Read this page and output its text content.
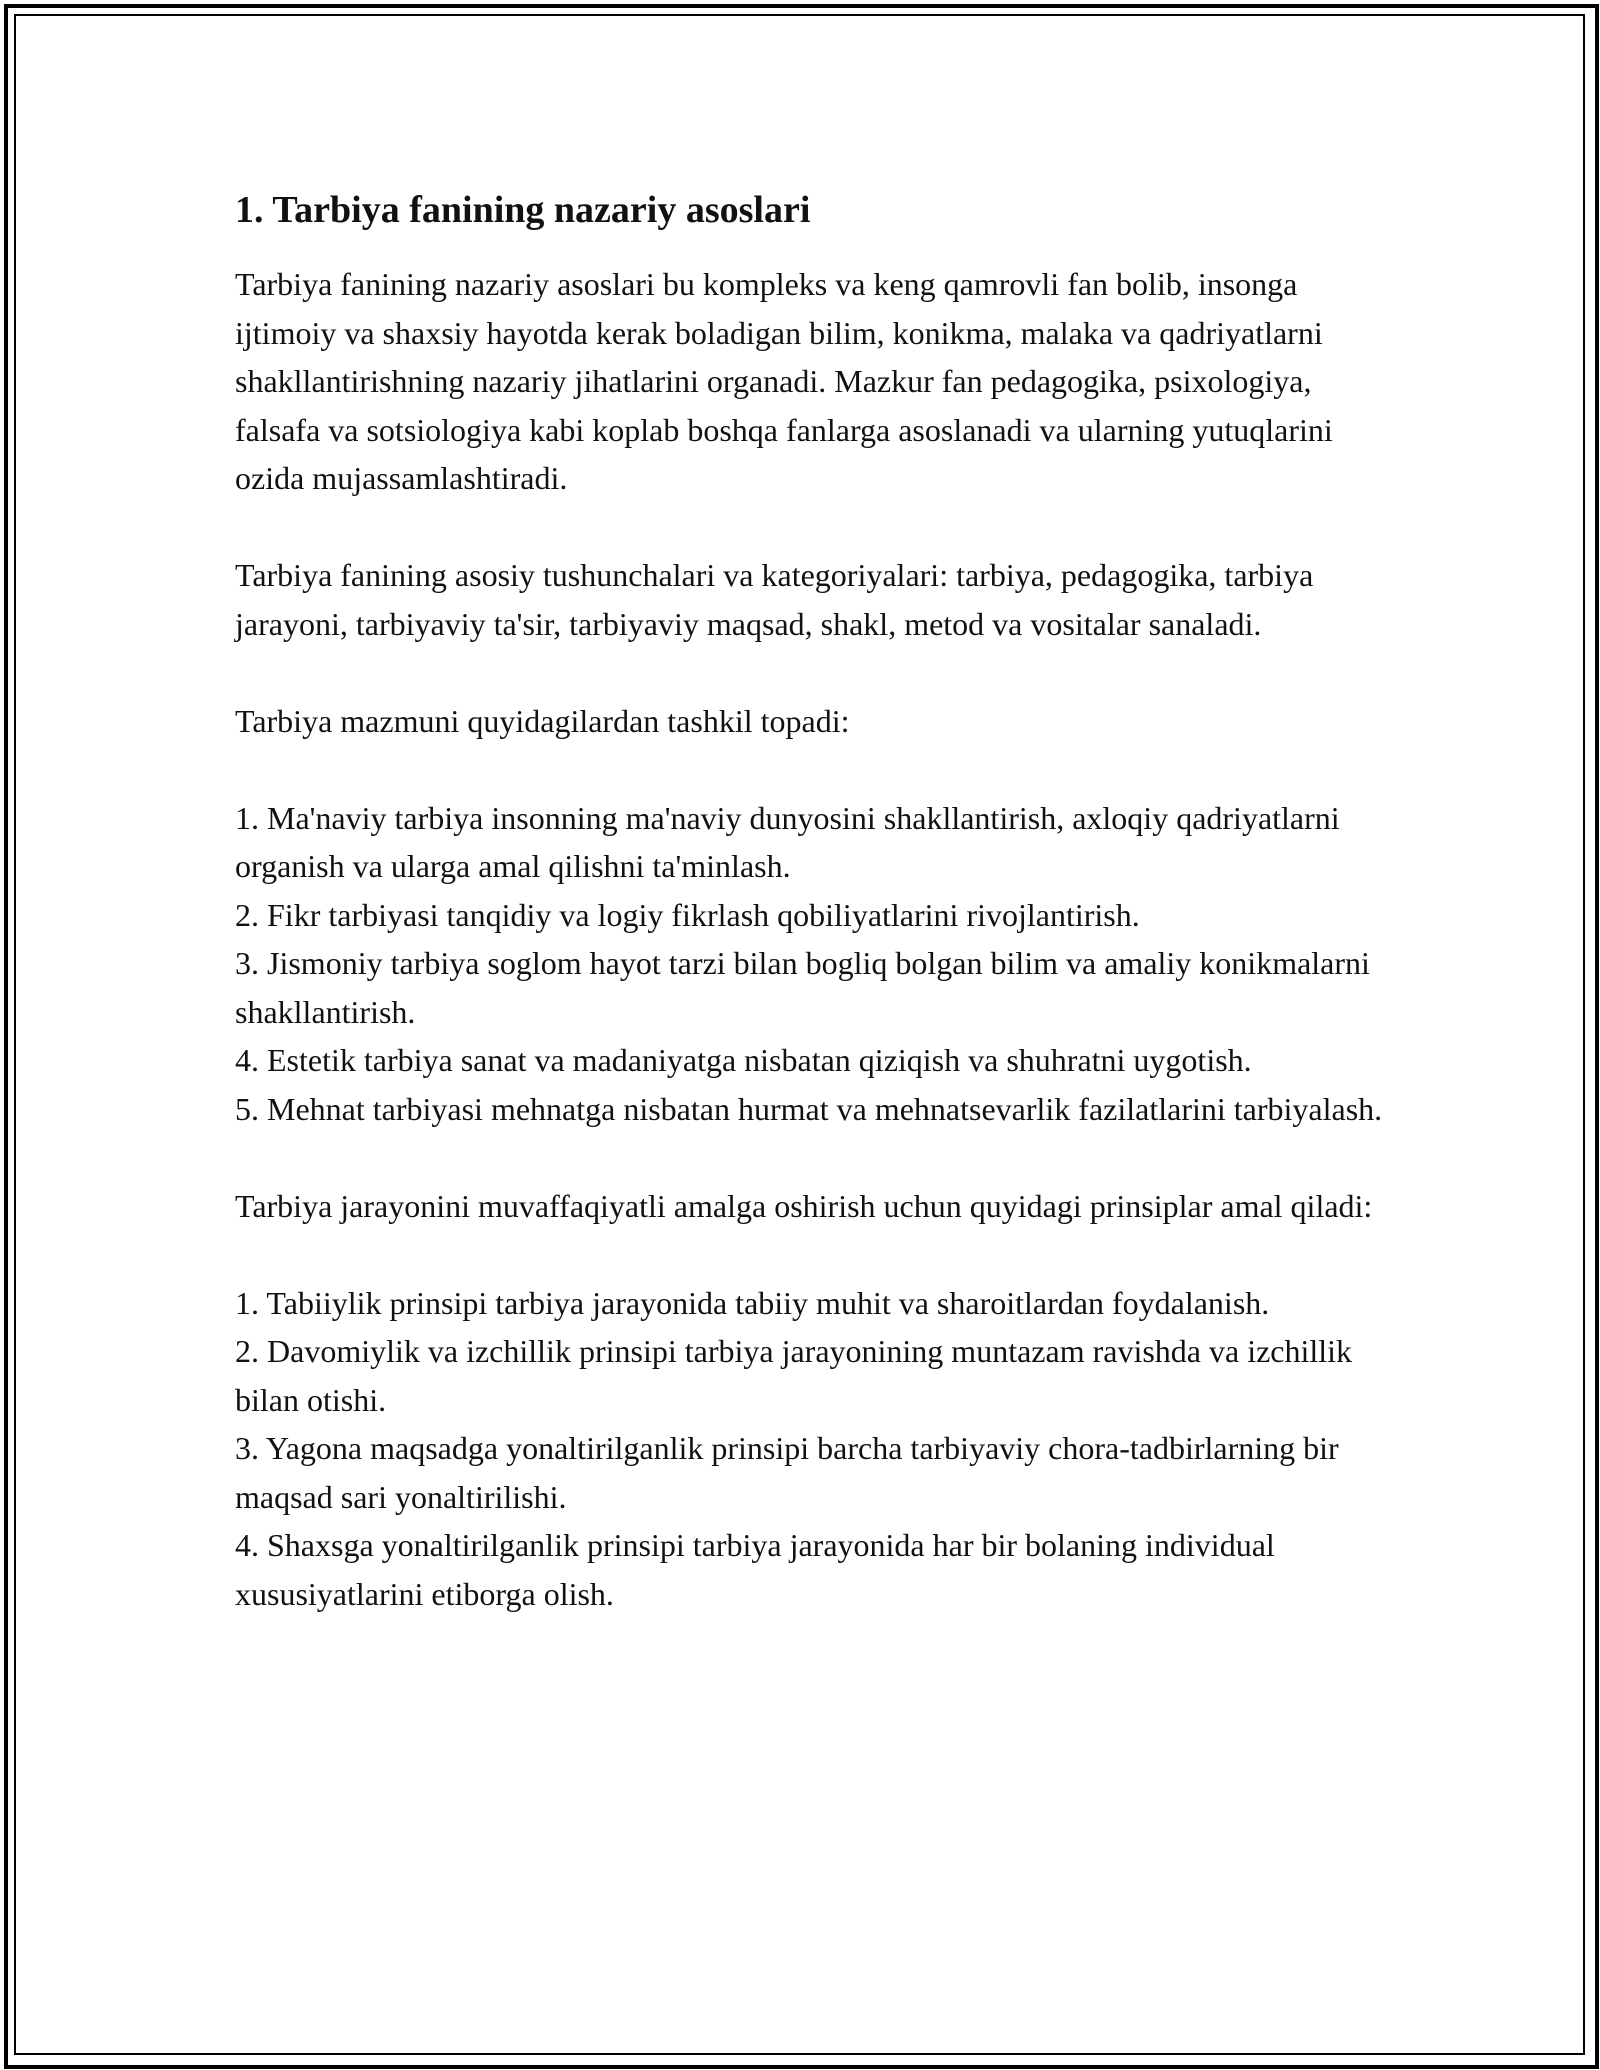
1. Tarbiya fanining nazariy asoslari

Tarbiya fanining nazariy asoslari bu kompleks va keng qamrovli fan bolib, insonga ijtimoiy va shaxsiy hayotda kerak boladigan bilim, konikma, malaka va qadriyatlarni shakllantirishning nazariy jihatlarini organadi. Mazkur fan pedagogika, psixologiya, falsafa va sotsiologiya kabi koplab boshqa fanlarga asoslanadi va ularning yutuqlarini ozida mujassamlashtiradi.

Tarbiya fanining asosiy tushunchalari va kategoriyalari: tarbiya, pedagogika, tarbiya jarayoni, tarbiyaviy ta'sir, tarbiyaviy maqsad, shakl, metod va vositalar sanaladi.

Tarbiya mazmuni quyidagilardan tashkil topadi:

1. Ma'naviy tarbiya insonning ma'naviy dunyosini shakllantirish, axloqiy qadriyatlarni organish va ularga amal qilishni ta'minlash.
2. Fikr tarbiyasi tanqidiy va logiy fikrlash qobiliyatlarini rivojlantirish.
3. Jismoniy tarbiya soglom hayot tarzi bilan bogliq bolgan bilim va amaliy konikmalarni shakllantirish.
4. Estetik tarbiya sanat va madaniyatga nisbatan qiziqish va shuhratni uygotish.
5. Mehnat tarbiyasi mehnatga nisbatan hurmat va mehnatsevarlik fazilatlarini tarbiyalash.

Tarbiya jarayonini muvaffaqiyatli amalga oshirish uchun quyidagi prinsiplar amal qiladi:

1. Tabiiylik prinsipi tarbiya jarayonida tabiiy muhit va sharoitlardan foydalanish.
2. Davomiylik va izchillik prinsipi tarbiya jarayonining muntazam ravishda va izchillik bilan otishi.
3. Yagona maqsadga yonaltirilganlik prinsipi barcha tarbiyaviy chora-tadbirlarning bir maqsad sari yonaltirilishi.
4. Shaxsga yonaltirilganlik prinsipi tarbiya jarayonida har bir bolaning individual xususiyatlarini etiborga olish.
